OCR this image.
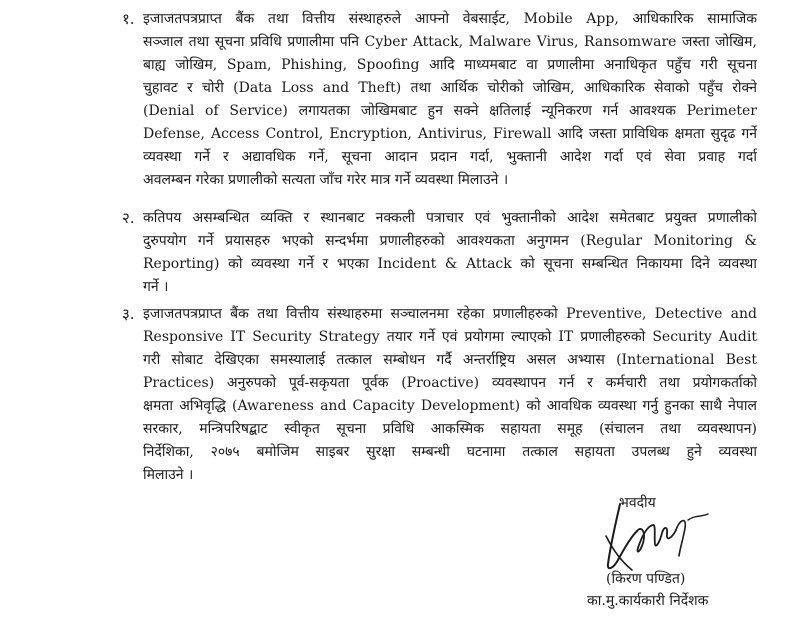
१. इजाजतपत्रप्राप्त बैंक तथा वित्तीय संस्थाहरुले आफ्नो वेबसाईट, Mobile App, आधिकारिक सामाजिक
सञ्जाल तथा सूचना प्रविधि प्रणालीमा पनि Cyber Attack, Malware Virus, Ransomware जस्ता जोखिम,
बाह्य जोखिम, Spam, Phishing, Spoofing आदि माध्यमबाट वा प्रणालीमा अनाधिकृत पहुँच गरी सूचना
चुहावट र चोरी (Data Loss and Theft) तथा आर्थिक चोरीको जोखिम, आधिकारिक सेवाको पहुँच रोक्ने
(Denial of Service) लगायतका जोखिमबाट हुन सक्ने क्षतिलाई न्यूनिकरण गर्न आवश्यक Perimeter
Defense, Access Control, Encryption, Antivirus, Firewall आदि जस्ता प्राविधिक क्षमता सुदृढ गर्ने
व्यवस्था गर्ने र अद्यावधिक गर्ने, सूचना आदान प्रदान गर्दा, भुक्तानी आदेश गर्दा एवं सेवा प्रवाह गर्दा
अवलम्बन गरेका प्रणालीको सत्यता जाँच गरेर मात्र गर्ने व्यवस्था मिलाउने ।
२. कतिपय असम्बन्धित व्यक्ति र स्थानबाट नक्कली पत्राचार एवं भुक्तानीको आदेश समेतबाट प्रयुक्त प्रणालीको
दुरुपयोग गर्ने प्रयासहरु भएको सन्दर्भमा प्रणालीहरुको आवश्यकता अनुगमन (Regular Monitoring &
Reporting) को व्यवस्था गर्ने र भएका Incident & Attack को सूचना सम्बन्धित निकायमा दिने व्यवस्था
गर्ने ।
३. इजाजतपत्रप्राप्त बैंक तथा वित्तीय संस्थाहरुमा सञ्चालनमा रहेका प्रणालीहरुको Preventive, Detective and
Responsive IT Security Strategy तयार गर्ने एवं प्रयोगमा ल्याएको IT प्रणालीहरुको Security Audit
गरी सोबाट देखिएका समस्यालाई तत्काल सम्बोधन गर्दै अन्तर्राष्ट्रिय असल अभ्यास (International Best
Practices) अनुरुपको पूर्व-सकृयता पूर्वक (Proactive) व्यवस्थापन गर्न र कर्मचारी तथा प्रयोगकर्ताको
क्षमता अभिवृद्धि (Awareness and Capacity Development) को आवधिक व्यवस्था गर्नु हुनका साथै नेपाल
सरकार, मन्त्रिपरिषद्बाट स्वीकृत सूचना प्रविधि आकस्मिक सहायता समूह (संचालन तथा व्यवस्थापन)
निर्देशिका, २०७५ बमोजिम साइबर सुरक्षा सम्बन्धी घटनामा तत्काल सहायता उपलब्ध हुने व्यवस्था
मिलाउने ।
भवदीय
(किरण पण्डित)
का.मु.कार्यकारी निर्देशक
